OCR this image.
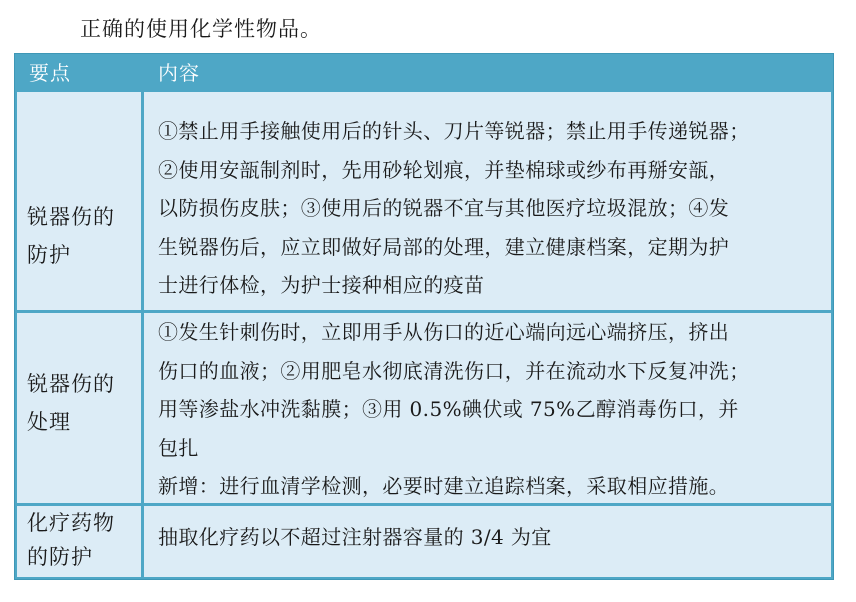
正确的使用化学性物品。
要点	内容
锐器伤的
防护
①禁止用手接触使用后的针头、刀片等锐器；禁止用手传递锐器；
②使用安瓿制剂时，先用砂轮划痕，并垫棉球或纱布再掰安瓿，
以防损伤皮肤；③使用后的锐器不宜与其他医疗垃圾混放；④发
生锐器伤后，应立即做好局部的处理，建立健康档案，定期为护
士进行体检，为护士接种相应的疫苗
锐器伤的
处理
①发生针刺伤时，立即用手从伤口的近心端向远心端挤压，挤出
伤口的血液；②用肥皂水彻底清洗伤口，并在流动水下反复冲洗；
用等渗盐水冲洗黏膜；③用 0.5%碘伏或 75%乙醇消毒伤口，并
包扎
新增：进行血清学检测，必要时建立追踪档案，采取相应措施。
化疗药物
的防护
抽取化疗药以不超过注射器容量的 3/4 为宜
